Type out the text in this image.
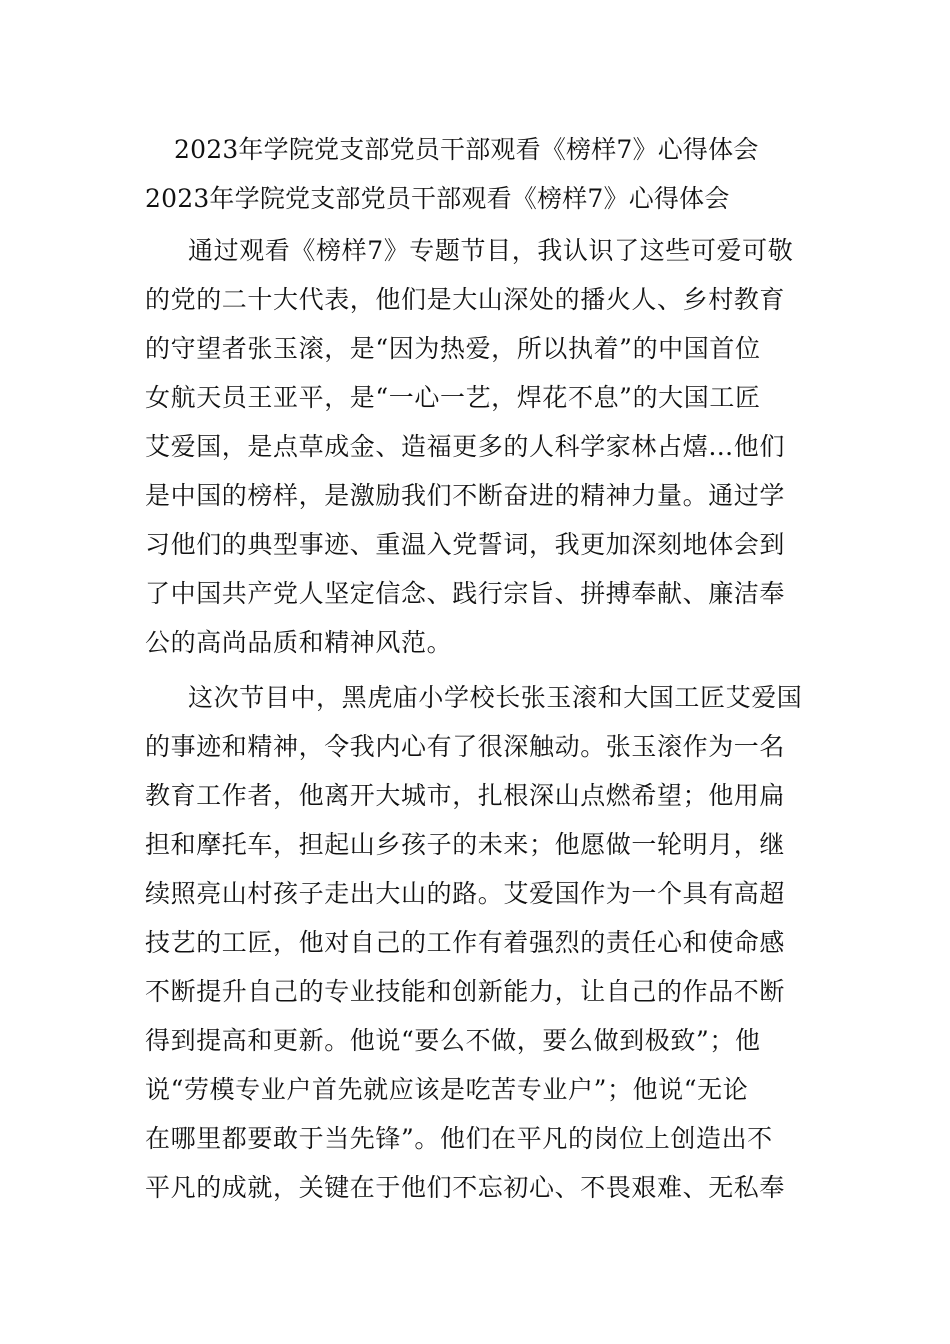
2023年学院党支部党员干部观看《榜样7》心得体会
2023年学院党支部党员干部观看《榜样7》心得体会
通过观看《榜样7》专题节目，我认识了这些可爱可敬
的党的二十大代表，他们是大山深处的播火人、乡村教育
的守望者张玉滚，是“因为热爱，所以执着”的中国首位
女航天员王亚平，是“一心一艺，焊花不息”的大国工匠
艾爱国，是点草成金、造福更多的人科学家林占熺…他们
是中国的榜样，是激励我们不断奋进的精神力量。通过学
习他们的典型事迹、重温入党誓词，我更加深刻地体会到
了中国共产党人坚定信念、践行宗旨、拼搏奉献、廉洁奉
公的高尚品质和精神风范。
这次节目中，黑虎庙小学校长张玉滚和大国工匠艾爱国
的事迹和精神，令我内心有了很深触动。张玉滚作为一名
教育工作者，他离开大城市，扎根深山点燃希望；他用扁
担和摩托车，担起山乡孩子的未来；他愿做一轮明月，继
续照亮山村孩子走出大山的路。艾爱国作为一个具有高超
技艺的工匠，他对自己的工作有着强烈的责任心和使命感
不断提升自己的专业技能和创新能力，让自己的作品不断
得到提高和更新。他说“要么不做，要么做到极致”；他
说“劳模专业户首先就应该是吃苦专业户”；他说“无论
在哪里都要敢于当先锋”。他们在平凡的岗位上创造出不
平凡的成就，关键在于他们不忘初心、不畏艰难、无私奉
